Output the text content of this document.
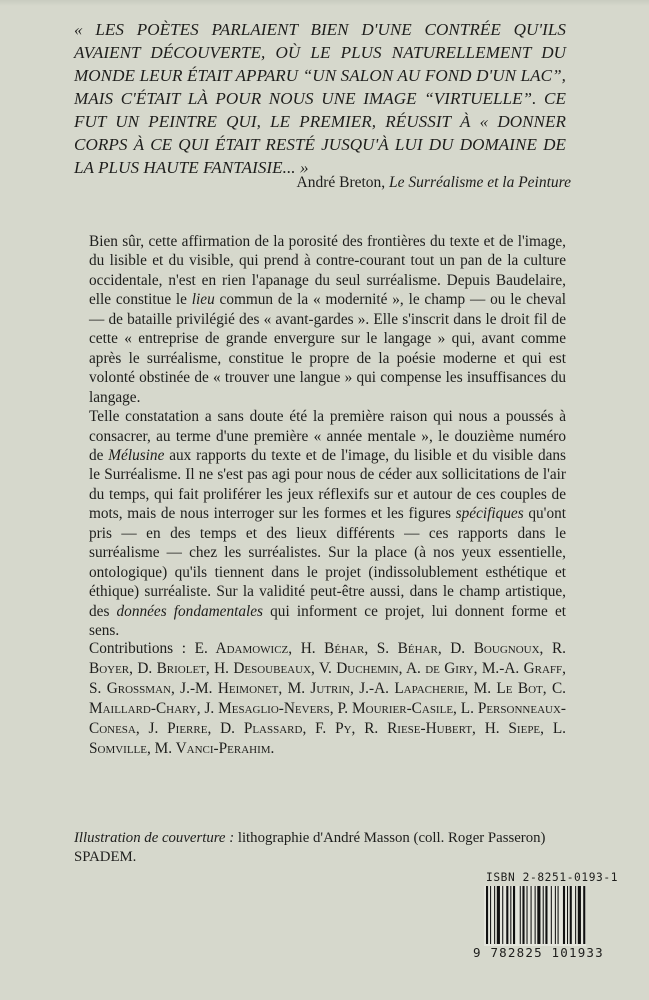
« LES POÈTES PARLAIENT BIEN D'UNE CONTRÉE QU'ILS AVAIENT DÉCOUVERTE, OÙ LE PLUS NATURELLEMENT DU MONDE LEUR ÉTAIT APPARU “UN SALON AU FOND D'UN LAC”, MAIS C'ÉTAIT LÀ POUR NOUS UNE IMAGE “VIRTUELLE”. CE FUT UN PEINTRE QUI, LE PREMIER, RÉUSSIT À « DONNER CORPS À CE QUI ÉTAIT RESTÉ JUSQU'À LUI DU DOMAINE DE LA PLUS HAUTE FANTAISIE... »

André Breton, Le Surréalisme et la Peinture

Bien sûr, cette affirmation de la porosité des frontières du texte et de l'image, du lisible et du visible, qui prend à contre-courant tout un pan de la culture occidentale, n'est en rien l'apanage du seul surréalisme. Depuis Baudelaire, elle constitue le lieu commun de la « modernité », le champ — ou le cheval — de bataille privilégié des « avant-gardes ». Elle s'inscrit dans le droit fil de cette « entreprise de grande envergure sur le langage » qui, avant comme après le surréalisme, constitue le propre de la poésie moderne et qui est volonté obstinée de « trouver une langue » qui compense les insuffisances du langage.

Telle constatation a sans doute été la première raison qui nous a poussés à consacrer, au terme d'une première « année mentale », le douzième numéro de Mélusine aux rapports du texte et de l'image, du lisible et du visible dans le Surréalisme. Il ne s'est pas agi pour nous de céder aux sollicitations de l'air du temps, qui fait proliférer les jeux réflexifs sur et autour de ces couples de mots, mais de nous interroger sur les formes et les figures spécifiques qu'ont pris — en des temps et des lieux différents — ces rapports dans le surréalisme — chez les surréalistes. Sur la place (à nos yeux essentielle, ontologique) qu'ils tiennent dans le projet (indissolublement esthétique et éthique) surréaliste. Sur la validité peut-être aussi, dans le champ artistique, des données fondamentales qui informent ce projet, lui donnent forme et sens.

Contributions : E. Adamowicz, H. Béhar, S. Béhar, D. Bougnoux, R. Boyer, D. Briolet, H. Desoubeaux, V. Duchemin, A. de Giry, M.-A. Graff, S. Grossman, J.-M. Heimonet, M. Jutrin, J.-A. Lapacherie, M. Le Bot, C. Maillard-Chary, J. Mesaglio-Nevers, P. Mourier-Casile, L. Personneaux-Conesa, J. Pierre, D. Plassard, F. Py, R. Riese-Hubert, H. Siepe, L. Somville, M. Vanci-Perahim.
Illustration de couverture : lithographie d'André Masson (coll. Roger Passeron) SPADEM.
ISBN 2-8251-0193-1
9 782825 101933
